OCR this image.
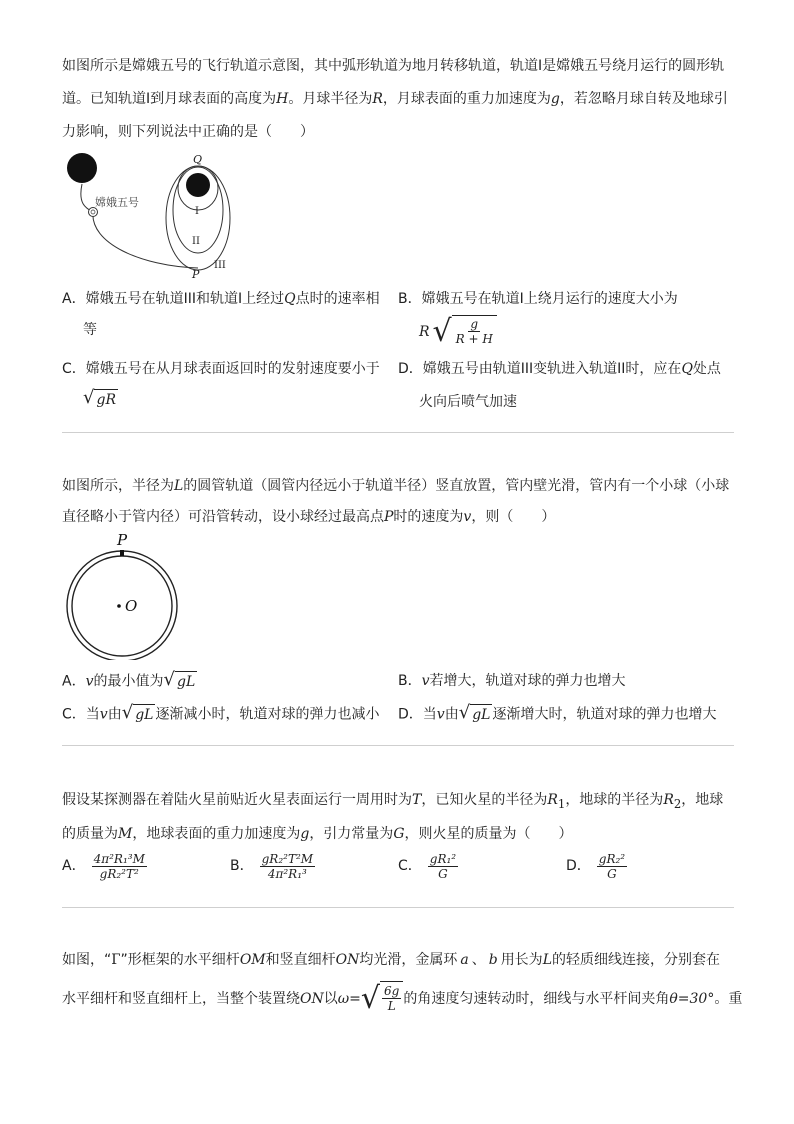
如图所示是嫦娥五号的飞行轨道示意图，其中弧形轨道为地月转移轨道，轨道I是嫦娥五号绕月运行的圆形轨
道。已知轨道I到月球表面的高度为H。月球半径为R，月球表面的重力加速度为g，若忽略月球自转及地球引
力影响，则下列说法中正确的是（　　）
嫦娥五号
Q
I
II
III
P
A．嫦娥五号在轨道III和轨道I上经过Q点时的速率相
等
B．嫦娥五号在轨道I上绕月运行的速度大小为
R √ $\frac{g}{R + H}$
C．嫦娥五号在从月球表面返回时的发射速度要小于
√ gR
D．嫦娥五号由轨道III变轨进入轨道II时，应在Q处点
火向后喷气加速
如图所示，半径为L的圆管轨道（圆管内径远小于轨道半径）竖直放置，管内壁光滑，管内有一个小球（小球
直径略小于管内径）可沿管转动，设小球经过最高点P时的速度为v，则（　　）
P
O
A．v的最小值为 √ gL	B．v若增大，轨道对球的弹力也增大
C．当v由 √ gL 逐渐减小时，轨道对球的弹力也减小 D．当v由 √ gL 逐渐增大时，轨道对球的弹力也增大
假设某探测器在着陆火星前贴近火星表面运行一周用时为T，已知火星的半径为$R_1$，地球的半径为$R_2$，地球
的质量为M，地球表面的重力加速度为g，引力常量为G，则火星的质量为（　　）
A． $\frac{\text{4π²R₁³M}}{\text{gR₂²T²}}$	B． $\frac{\text{gR₂²T²M}}{\text{4π²R₁³}}$	C． $\frac{\text{gR₁²}}{G}$	D． $\frac{\text{gR₂²}}{G}$
如图，“Г”形框架的水平细杆OM和竖直细杆ON均光滑，金属环 a 、 b 用长为L的轻质细线连接，分别套在
水平细杆和竖直细杆上，当整个装置绕 ON 以 ω= √ $\frac{6g}{L}$ 的角速度匀速转动时，细线与水平杆间夹角 θ=30° 。重
